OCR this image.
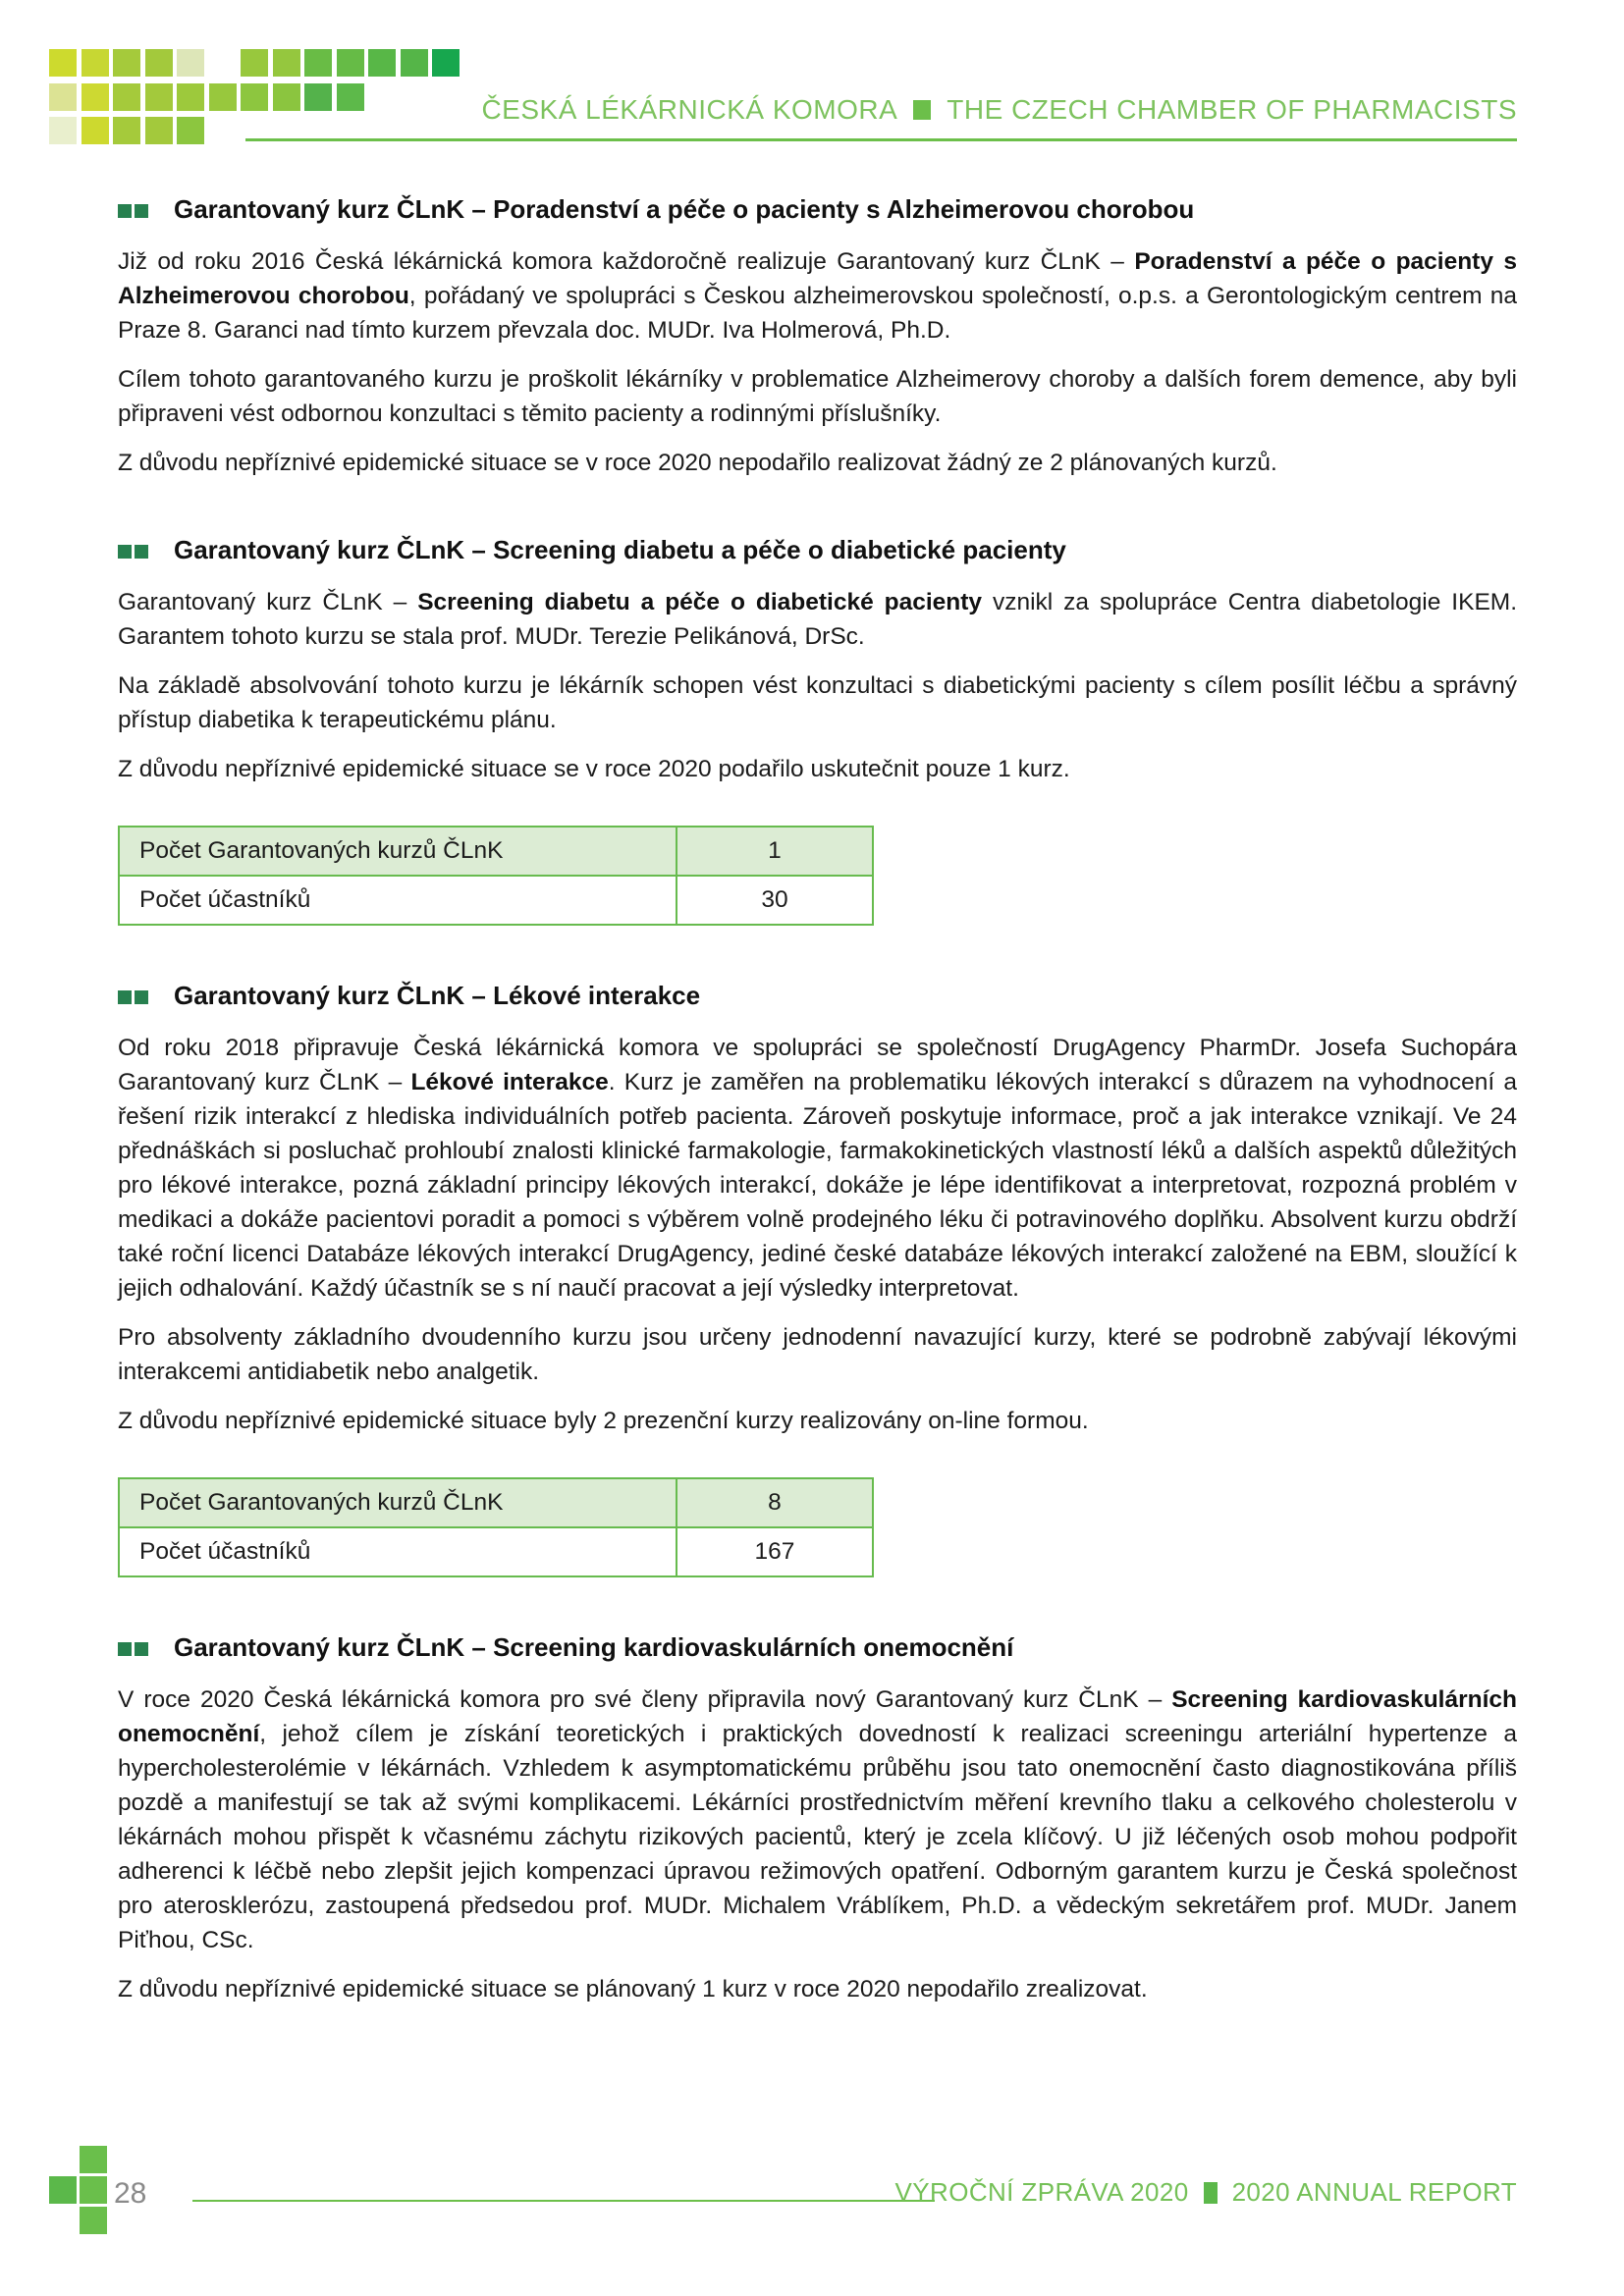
ČESKÁ LÉKÁRNICKÁ KOMORA THE CZECH CHAMBER OF PHARMACISTS
Garantovaný kurz ČLnK – Poradenství a péče o pacienty s Alzheimerovou chorobou

Již od roku 2016 Česká lékárnická komora každoročně realizuje Garantovaný kurz ČLnK – Poradenství a péče o pacienty s Alzheimerovou chorobou, pořádaný ve spolupráci s Českou alzheimerovskou společností, o.p.s. a Gerontologickým centrem na Praze 8. Garanci nad tímto kurzem převzala doc. MUDr. Iva Holmerová, Ph.D.

Cílem tohoto garantovaného kurzu je proškolit lékárníky v problematice Alzheimerovy choroby a dalších forem demence, aby byli připraveni vést odbornou konzultaci s těmito pacienty a rodinnými příslušníky.

Z důvodu nepříznivé epidemické situace se v roce 2020 nepodařilo realizovat žádný ze 2 plánovaných kurzů.

Garantovaný kurz ČLnK – Screening diabetu a péče o diabetické pacienty

Garantovaný kurz ČLnK – Screening diabetu a péče o diabetické pacienty vznikl za spolupráce Centra diabetologie IKEM. Garantem tohoto kurzu se stala prof. MUDr. Terezie Pelikánová, DrSc.

Na základě absolvování tohoto kurzu je lékárník schopen vést konzultaci s diabetickými pacienty s cílem posílit léčbu a správný přístup diabetika k terapeutickému plánu.

Z důvodu nepříznivé epidemické situace se v roce 2020 podařilo uskutečnit pouze 1 kurz.

Počet Garantovaných kurzů ČLnK	1
Počet účastníků	30
Garantovaný kurz ČLnK – Lékové interakce

Od roku 2018 připravuje Česká lékárnická komora ve spolupráci se společností DrugAgency PharmDr. Josefa Suchopára Garantovaný kurz ČLnK – Lékové interakce. Kurz je zaměřen na problematiku lékových interakcí s důrazem na vyhodnocení a řešení rizik interakcí z hlediska individuálních potřeb pacienta. Zároveň poskytuje informace, proč a jak interakce vznikají. Ve 24 přednáškách si posluchač prohloubí znalosti klinické farmakologie, farmakokinetických vlastností léků a dalších aspektů důležitých pro lékové interakce, pozná základní principy lékových interakcí, dokáže je lépe identifikovat a interpretovat, rozpozná problém v medikaci a dokáže pacientovi poradit a pomoci s výběrem volně prodejného léku či potravinového doplňku. Absolvent kurzu obdrží také roční licenci Databáze lékových interakcí DrugAgency, jediné české databáze lékových interakcí založené na EBM, sloužící k jejich odhalování. Každý účastník se s ní naučí pracovat a její výsledky interpretovat.

Pro absolventy základního dvoudenního kurzu jsou určeny jednodenní navazující kurzy, které se podrobně zabývají lékovými interakcemi antidiabetik nebo analgetik.

Z důvodu nepříznivé epidemické situace byly 2 prezenční kurzy realizovány on-line formou.

Počet Garantovaných kurzů ČLnK	8
Počet účastníků	167
Garantovaný kurz ČLnK – Screening kardiovaskulárních onemocnění

V roce 2020 Česká lékárnická komora pro své členy připravila nový Garantovaný kurz ČLnK – Screening kardiovaskulárních onemocnění, jehož cílem je získání teoretických i praktických dovedností k realizaci screeningu arteriální hypertenze a hypercholesterolémie v lékárnách. Vzhledem k asymptomatickému průběhu jsou tato onemocnění často diagnostikována příliš pozdě a manifestují se tak až svými komplikacemi. Lékárníci prostřednictvím měření krevního tlaku a celkového cholesterolu v lékárnách mohou přispět k včasnému záchytu rizikových pacientů, který je zcela klíčový. U již léčených osob mohou podpořit adherenci k léčbě nebo zlepšit jejich kompenzaci úpravou režimových opatření. Odborným garantem kurzu je Česká společnost pro aterosklerózu, zastoupená předsedou prof. MUDr. Michalem Vráblíkem, Ph.D. a vědeckým sekretářem prof. MUDr. Janem Piťhou, CSc.

Z důvodu nepříznivé epidemické situace se plánovaný 1 kurz v roce 2020 nepodařilo zrealizovat.

28	VÝROČNÍ ZPRÁVA 2020 2020 ANNUAL REPORT
